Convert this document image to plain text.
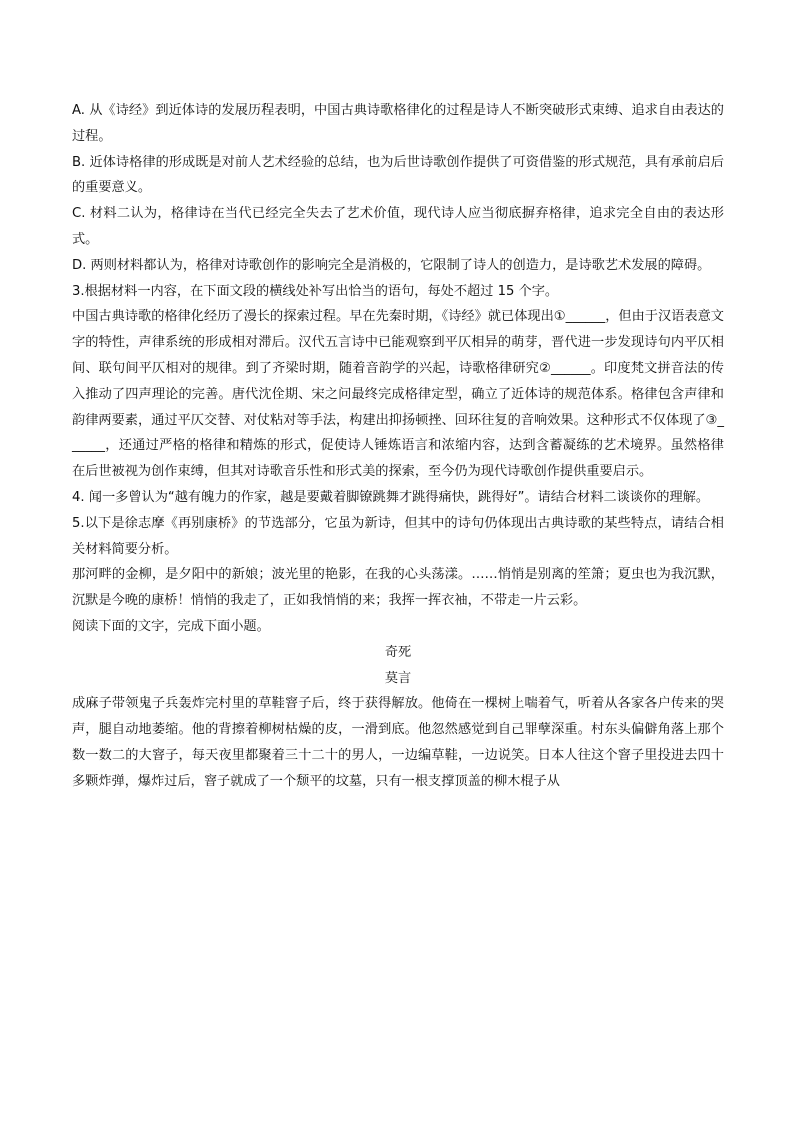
A. 从《诗经》到近体诗的发展历程表明，中国古典诗歌格律化的过程是诗人不断突破形式束缚、追求自由表达的过程。

B. 近体诗格律的形成既是对前人艺术经验的总结，也为后世诗歌创作提供了可资借鉴的形式规范，具有承前启后的重要意义。

C. 材料二认为，格律诗在当代已经完全失去了艺术价值，现代诗人应当彻底摒弃格律，追求完全自由的表达形式。

D. 两则材料都认为，格律对诗歌创作的影响完全是消极的，它限制了诗人的创造力，是诗歌艺术发展的障碍。

3.根据材料一内容，在下面文段的横线处补写出恰当的语句，每处不超过 15 个字。

中国古典诗歌的格律化经历了漫长的探索过程。早在先秦时期，《诗经》就已体现出①______，但由于汉语表意文字的特性，声律系统的形成相对滞后。汉代五言诗中已能观察到平仄相异的萌芽，晋代进一步发现诗句内平仄相间、联句间平仄相对的规律。到了齐梁时期，随着音韵学的兴起，诗歌格律研究②______。印度梵文拼音法的传入推动了四声理论的完善。唐代沈佺期、宋之问最终完成格律定型，确立了近体诗的规范体系。格律包含声律和韵律两要素，通过平仄交替、对仗粘对等手法，构建出抑扬顿挫、回环往复的音响效果。这种形式不仅体现了③______，还通过严格的格律和精炼的形式，促使诗人锤炼语言和浓缩内容，达到含蓄凝练的艺术境界。虽然格律在后世被视为创作束缚，但其对诗歌音乐性和形式美的探索，至今仍为现代诗歌创作提供重要启示。

4. 闻一多曾认为“越有魄力的作家，越是要戴着脚镣跳舞才跳得痛快，跳得好”。请结合材料二谈谈你的理解。

5.以下是徐志摩《再别康桥》的节选部分，它虽为新诗，但其中的诗句仍体现出古典诗歌的某些特点，请结合相关材料简要分析。

那河畔的金柳，是夕阳中的新娘；波光里的艳影，在我的心头荡漾。……悄悄是别离的笙箫；夏虫也为我沉默，沉默是今晚的康桥！悄悄的我走了，正如我悄悄的来；我挥一挥衣袖，不带走一片云彩。

阅读下面的文字，完成下面小题。

奇死

莫言

成麻子带领鬼子兵轰炸完村里的草鞋窨子后，终于获得解放。他倚在一棵树上喘着气，听着从各家各户传来的哭声，腿自动地萎缩。他的背擦着柳树枯燥的皮，一滑到底。他忽然感觉到自己罪孽深重。村东头偏僻角落上那个数一数二的大窨子，每天夜里都聚着三十二十的男人，一边编草鞋，一边说笑。日本人往这个窨子里投进去四十多颗炸弹，爆炸过后，窨子就成了一个颓平的坟墓，只有一根支撑顶盖的柳木棍子从
